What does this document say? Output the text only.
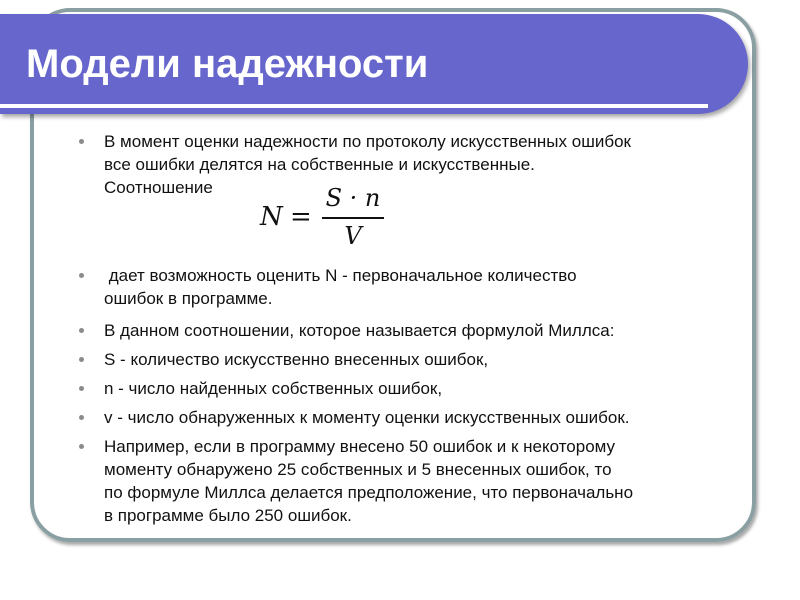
Модели надежности
В момент оценки надежности по протоколу искусственных ошибок
все ошибки делятся на собственные и искусственные.
Соотношение
дает возможность оценить N - первоначальное количество
ошибок в программе.
В данном соотношении, которое называется формулой Миллса:
S - количество искусственно внесенных ошибок,
n - число найденных собственных ошибок,
v - число обнаруженных к моменту оценки искусственных ошибок.
Например, если в программу внесено 50 ошибок и к некоторому
моменту обнаружено 25 собственных и 5 внесенных ошибок, то
по формуле Миллса делается предположение, что первоначально
в программе было 250 ошибок.
N =
S · n
V
